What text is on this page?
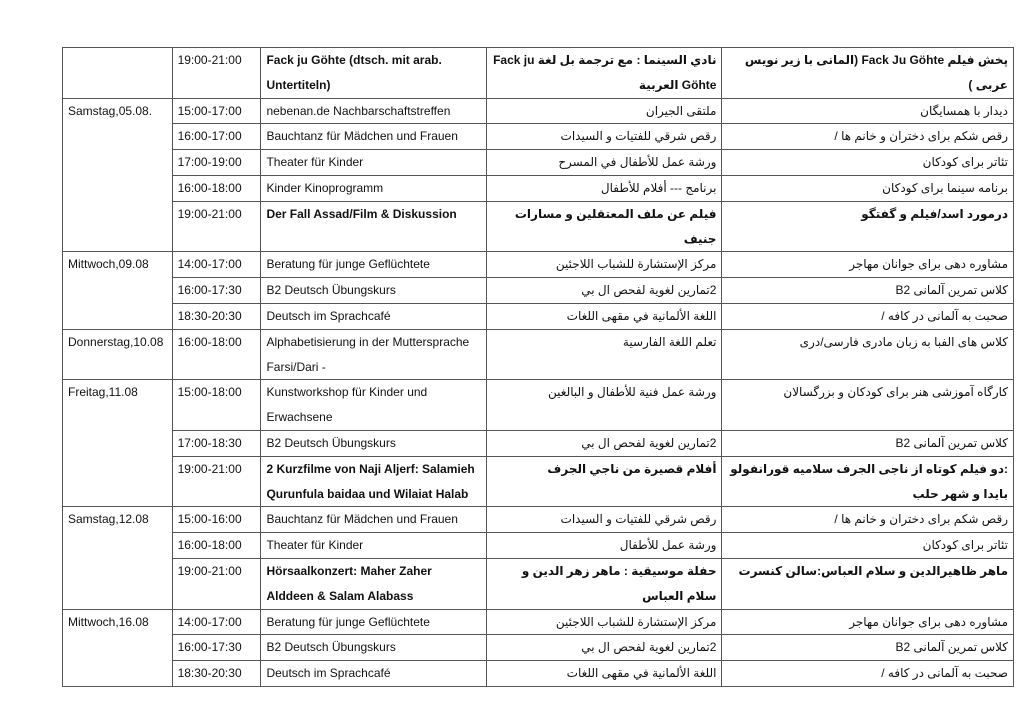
	19:00-21:00	Fack ju Göhte (dtsch. mit arab. Untertiteln)	نادي السينما : مع ترجمة بل لغة Fack ju Göhte العربية	پخش فیلم Fack Ju Göhte (المانی با زیر نویس عربی )
Samstag,05.08.	15:00-17:00	nebenan.de Nachbarschaftstreffen	ملتقى الجيران	دیدار با همسایگان
	16:00-17:00	Bauchtanz für Mädchen und Frauen	رقص شرقي للفتيات و السيدات	رقص شکم برای دختران و خانم ها /
	17:00-19:00	Theater für Kinder	ورشة عمل للأطفال في المسرح	تئاتر برای کودکان
	16:00-18:00	Kinder Kinoprogramm	برنامج --- أفلام للأطفال	برنامه سینما برای کودکان
	19:00-21:00	Der Fall Assad/Film & Diskussion	فيلم عن ملف المعتقلين و مسارات جنيف	درمورد اسد/فیلم و گفتگو
Mittwoch,09.08	14:00-17:00	Beratung für junge Geflüchtete	مركز الإستشارة للشباب اللاجئين	مشاوره دهی برای جوانان مهاجر
	16:00-17:30	B2 Deutsch Übungskurs	2تمارين لغوية لفحص ال بي	کلاس تمرین آلمانی B2
	18:30-20:30	Deutsch im Sprachcafé	اللغة الألمانية في مقهى اللغات	صحبت به آلمانی در کافه /
Donnerstag,10.08	16:00-18:00	Alphabetisierung in der Muttersprache Farsi/Dari -	تعلم اللغة الفارسية	کلاس های الفبا به زبان مادری فارسی/دری
Freitag,11.08	15:00-18:00	Kunstworkshop für Kinder und Erwachsene	ورشة عمل فنية للأطفال و البالغين	کارگاه آموزشی هنر برای کودکان و بزرگسالان
	17:00-18:30	B2 Deutsch Übungskurs	2تمارين لغوية لفحص ال بي	کلاس تمرین آلمانی B2
	19:00-21:00	2 Kurzfilme von Naji Aljerf: Salamieh Qurunfula baidaa und Wilaiat Halab	أفلام قصيرة من ناجي الجرف	:دو فیلم کوتاه از ناجی الجرف سلامیه قورانفولو بایدا و شهر حلب
Samstag,12.08	15:00-16:00	Bauchtanz für Mädchen und Frauen	رقص شرقي للفتيات و السيدات	رقص شکم برای دختران و خانم ها /
	16:00-18:00	Theater für Kinder	ورشة عمل للأطفال	تئاتر برای کودکان
	19:00-21:00	Hörsaalkonzert: Maher Zaher Alddeen & Salam Alabass	حفلة موسيقية : ماهر زهر الدين و سلام العباس	ماهر ظاهیرالدین و سلام العباس:سالن کنسرت
Mittwoch,16.08	14:00-17:00	Beratung für junge Geflüchtete	مركز الإستشارة للشباب اللاجئين	مشاوره دهی برای جوانان مهاجر
	16:00-17:30	B2 Deutsch Übungskurs	2تمارين لغوية لفحص ال بي	کلاس تمرین آلمانی B2
	18:30-20:30	Deutsch im Sprachcafé	اللغة الألمانية في مقهى اللغات	صحبت به آلمانی در کافه /
